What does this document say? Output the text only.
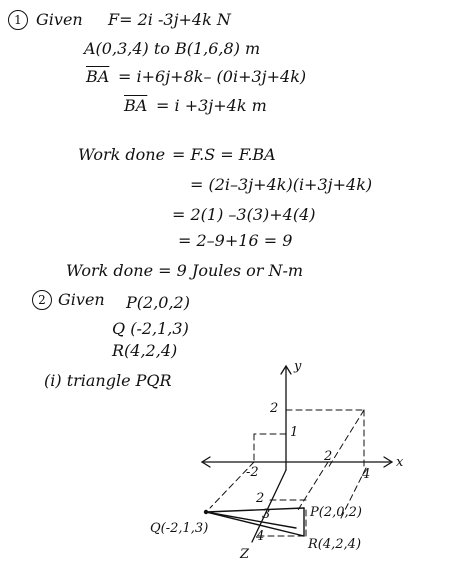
1 Given F= 2i -3j+4k N
A(0,3,4) to B(1,6,8) m
$\overline{BA} = i+6j+8k-$ (0i+3j+4k)
$\overline{BA} = i +3j+4k$ m
Work done = F.S = F.BA
= (2i–3j+4k)(i+3j+4k)
= 2(1) –3(3)+4(4)
= 2–9+16 = 9
Work done = 9 Joules or N-m
2 Given P(2,0,2)
Q (-2,1,3)
R(4,2,4)
(i) triangle PQR
y
x
Z
2
1
-2
2
4
2
3
4
P(2,0,2)
Q(-2,1,3)
R(4,2,4)
